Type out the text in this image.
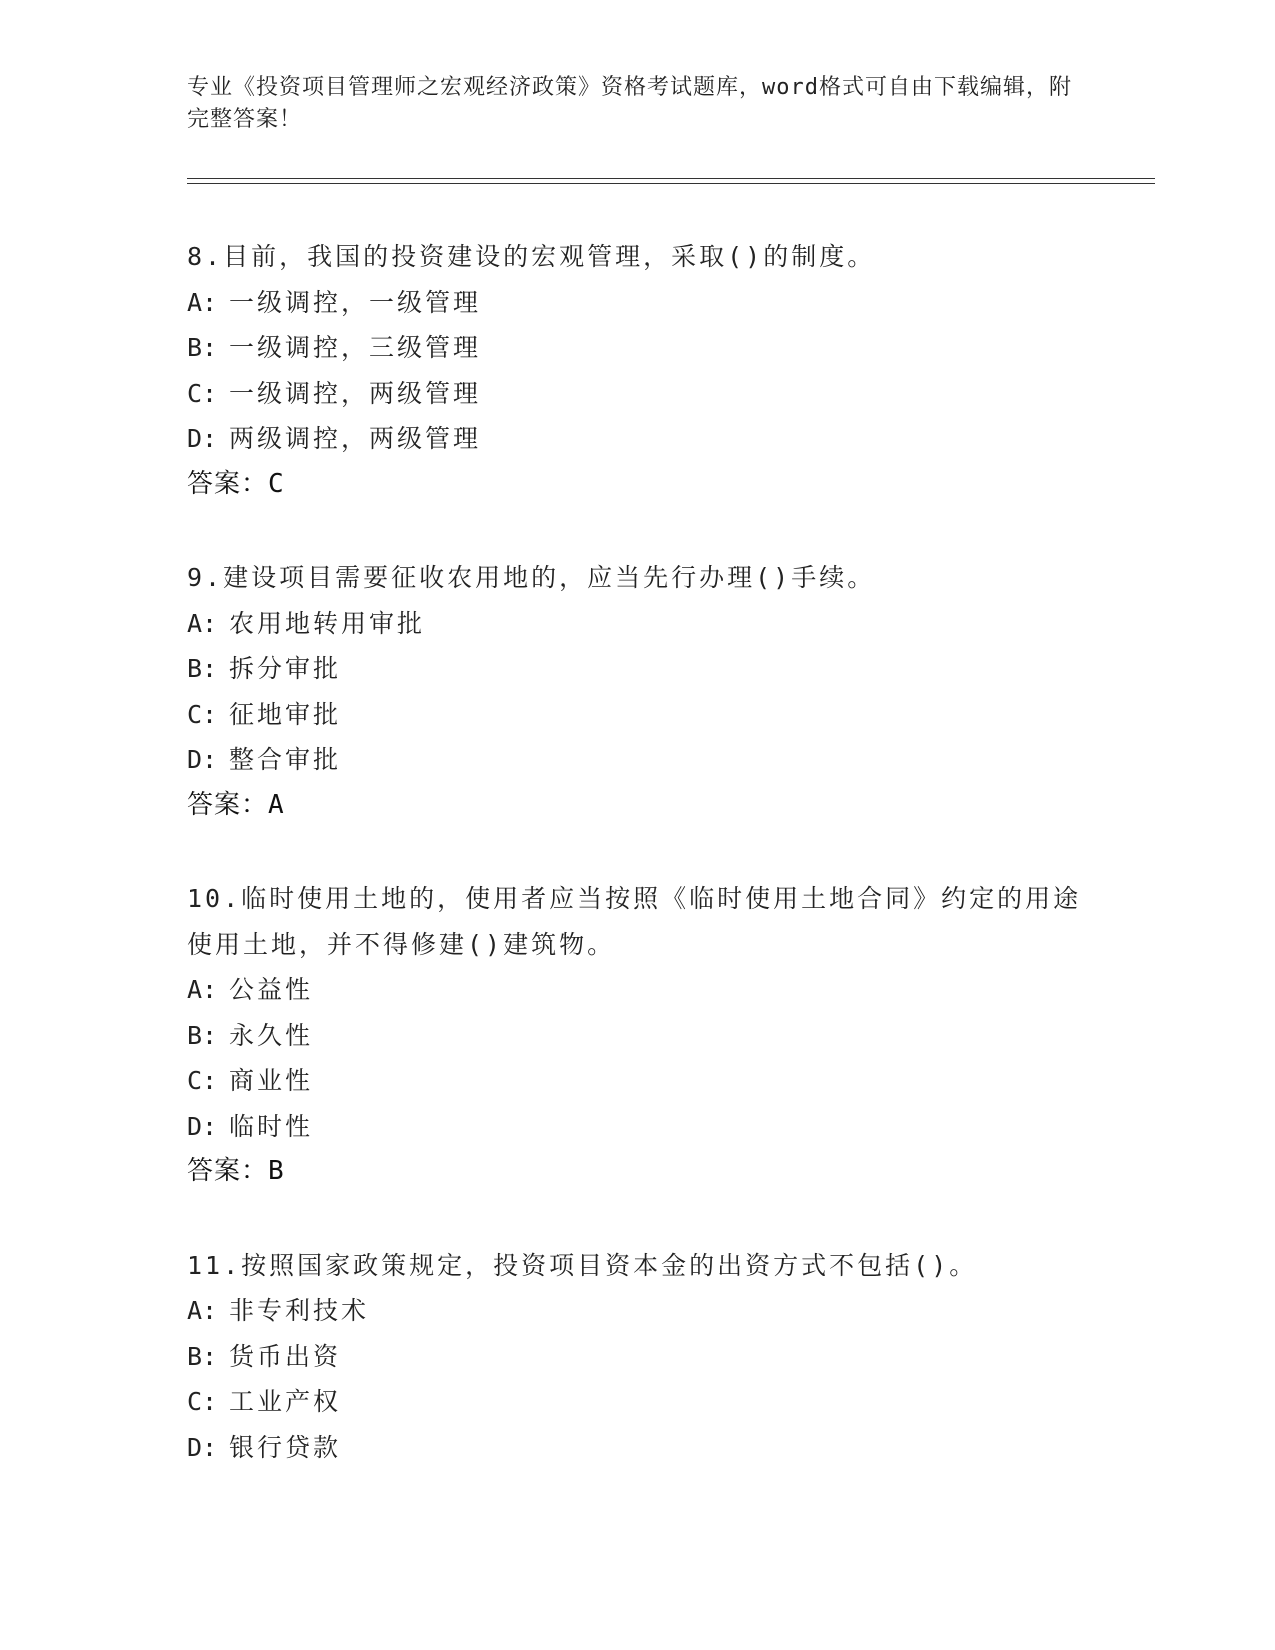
专业《投资项目管理师之宏观经济政策》资格考试题库，word格式可自由下载编辑，附完整答案！
8.目前，我国的投资建设的宏观管理，采取()的制度。
A: 一级调控，一级管理
B: 一级调控，三级管理
C: 一级调控，两级管理
D: 两级调控，两级管理
答案：C
9.建设项目需要征收农用地的，应当先行办理()手续。
A: 农用地转用审批
B: 拆分审批
C: 征地审批
D: 整合审批
答案：A
10.临时使用土地的，使用者应当按照《临时使用土地合同》约定的用途使用土地，并不得修建()建筑物。
A: 公益性
B: 永久性
C: 商业性
D: 临时性
答案：B
11.按照国家政策规定，投资项目资本金的出资方式不包括()。
A: 非专利技术
B: 货币出资
C: 工业产权
D: 银行贷款
